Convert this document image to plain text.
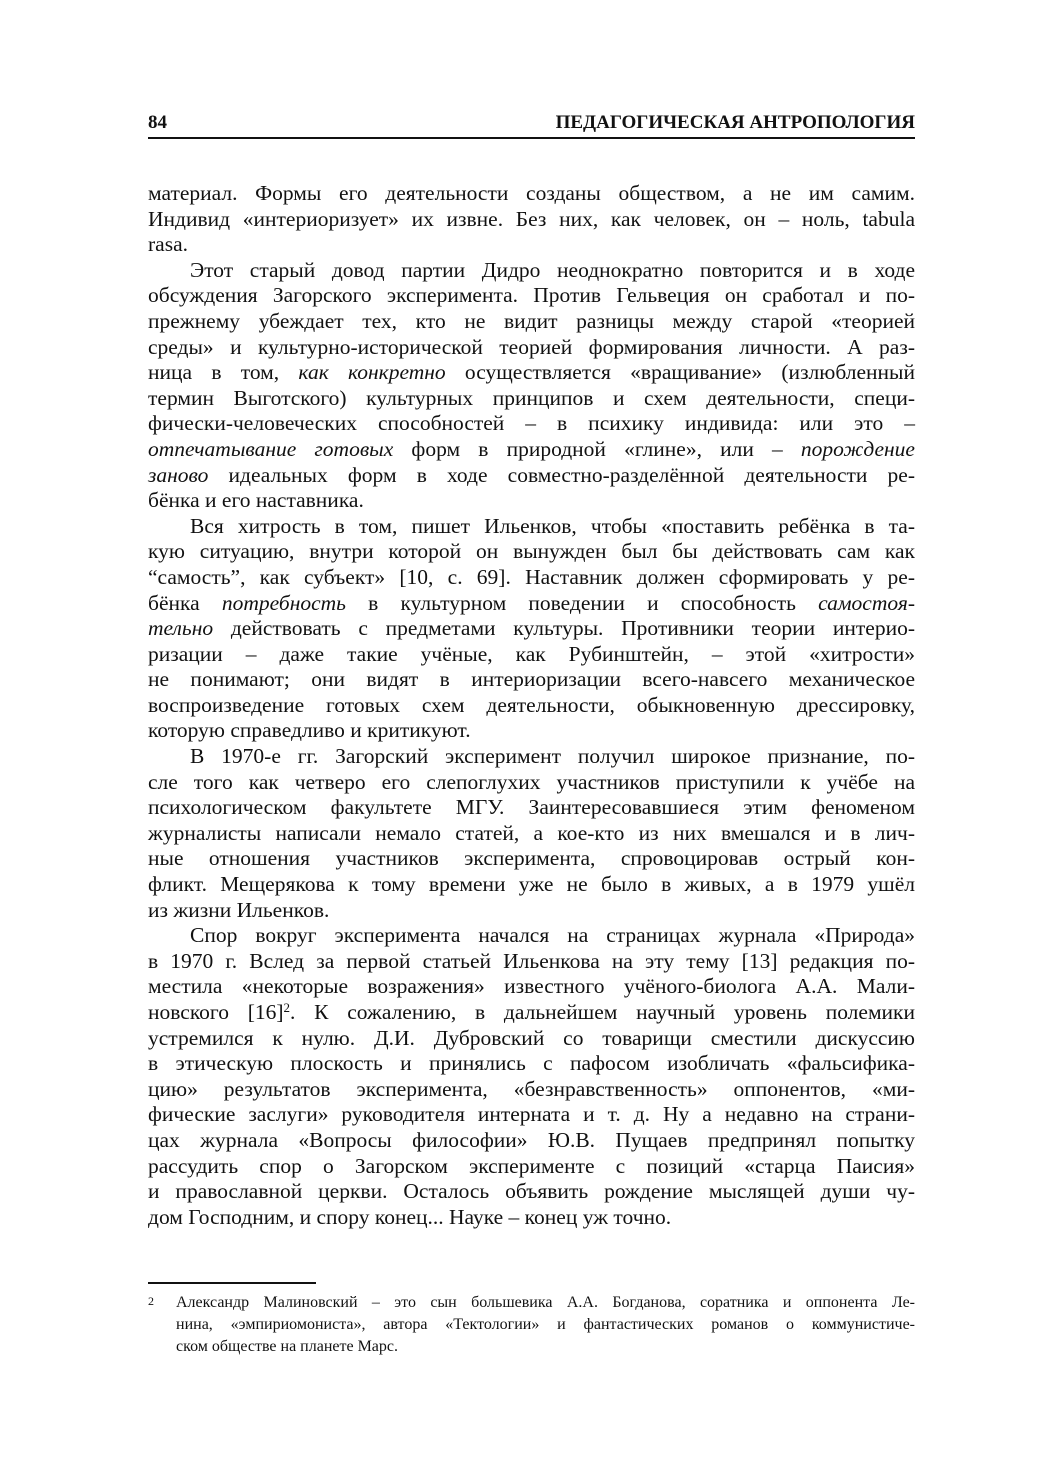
84	ПЕДАГОГИЧЕСКАЯ АНТРОПОЛОГИЯ
материал. Формы его деятельности созданы обществом, а не им самим.
Индивид «интериоризует» их извне. Без них, как человек, он – ноль, tabula
rasa.
Этот старый довод партии Дидро неоднократно повторится и в ходе
обсуждения Загорского эксперимента. Против Гельвеция он сработал и по-
прежнему убеждает тех, кто не видит разницы между старой «теорией
среды» и культурно-исторической теорией формирования личности. А раз-
ница в том, как конкретно осуществляется «вращивание» (излюбленный
термин Выготского) культурных принципов и схем деятельности, специ-
фически-человеческих способностей – в психику индивида: или это –
отпечатывание готовых форм в природной «глине», или – порождение
заново идеальных форм в ходе совместно-разделённой деятельности ре-
бёнка и его наставника.
Вся хитрость в том, пишет Ильенков, чтобы «поставить ребёнка в та-
кую ситуацию, внутри которой он вынужден был бы действовать сам как
“самость”, как субъект» [10, с. 69]. Наставник должен сформировать у ре-
бёнка потребность в культурном поведении и способность самостоя-
тельно действовать с предметами культуры. Противники теории интерио-
ризации – даже такие учёные, как Рубинштейн, – этой «хитрости»
не понимают; они видят в интериоризации всего-навсего механическое
воспроизведение готовых схем деятельности, обыкновенную дрессировку,
которую справедливо и критикуют.
В 1970-е гг. Загорский эксперимент получил широкое признание, по-
сле того как четверо его слепоглухих участников приступили к учёбе на
психологическом факультете МГУ. Заинтересовавшиеся этим феноменом
журналисты написали немало статей, а кое-кто из них вмешался и в лич-
ные отношения участников эксперимента, спровоцировав острый кон-
фликт. Мещерякова к тому времени уже не было в живых, а в 1979 ушёл
из жизни Ильенков.
Спор вокруг эксперимента начался на страницах журнала «Природа»
в 1970 г. Вслед за первой статьей Ильенкова на эту тему [13] редакция по-
местила «некоторые возражения» известного учёного-биолога А.А. Мали-
новского $[16]^2$. К сожалению, в дальнейшем научный уровень полемики
устремился к нулю. Д.И. Дубровский со товарищи сместили дискуссию
в этическую плоскость и принялись с пафосом изобличать «фальсифика-
цию» результатов эксперимента, «безнравственность» оппонентов, «ми-
фические заслуги» руководителя интерната и т. д. Ну а недавно на страни-
цах журнала «Вопросы философии» Ю.В. Пущаев предпринял попытку
рассудить спор о Загорском эксперименте с позиций «старца Паисия»
и православной церкви. Осталось объявить рождение мыслящей души чу-
дом Господним, и спору конец... Науке – конец уж точно.
2 Александр Малиновский – это сын большевика А.А. Богданова, соратника и оппонента Ле-
нина, «эмпириомониста», автора «Тектологии» и фантастических романов о коммунистиче-
ском обществе на планете Марс.
